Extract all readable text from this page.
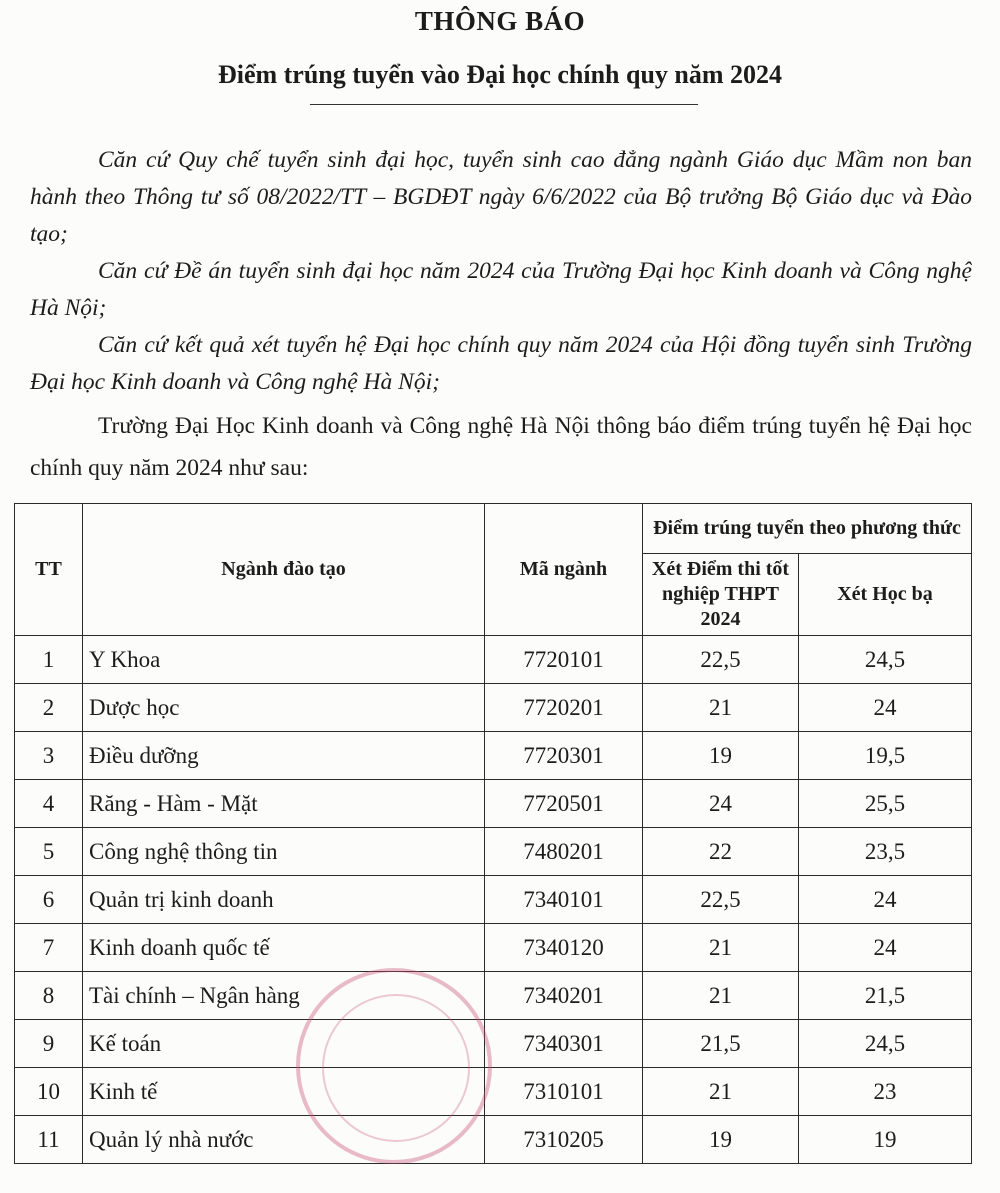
THÔNG BÁO
Điểm trúng tuyển vào Đại học chính quy năm 2024

Căn cứ Quy chế tuyển sinh đại học, tuyển sinh cao đẳng ngành Giáo dục Mầm non ban hành theo Thông tư số 08/2022/TT – BGDĐT ngày 6/6/2022 của Bộ trưởng Bộ Giáo dục và Đào tạo;

Căn cứ Đề án tuyển sinh đại học năm 2024 của Trường Đại học Kinh doanh và Công nghệ Hà Nội;

Căn cứ kết quả xét tuyển hệ Đại học chính quy năm 2024 của Hội đồng tuyển sinh Trường Đại học Kinh doanh và Công nghệ Hà Nội;

Trường Đại Học Kinh doanh và Công nghệ Hà Nội thông báo điểm trúng tuyển hệ Đại học chính quy năm 2024 như sau:

TT	Ngành đào tạo	Mã ngành	Điểm trúng tuyển theo phương thức	
			Xét Điểm thi tốt nghiệp THPT 2024	Xét Học bạ
1	Y Khoa	7720101	22,5	24,5
2	Dược học	7720201	21	24
3	Điều dưỡng	7720301	19	19,5
4	Răng - Hàm - Mặt	7720501	24	25,5
5	Công nghệ thông tin	7480201	22	23,5
6	Quản trị kinh doanh	7340101	22,5	24
7	Kinh doanh quốc tế	7340120	21	24
8	Tài chính – Ngân hàng	7340201	21	21,5
9	Kế toán	7340301	21,5	24,5
10	Kinh tế	7310101	21	23
11	Quản lý nhà nước	7310205	19	19
